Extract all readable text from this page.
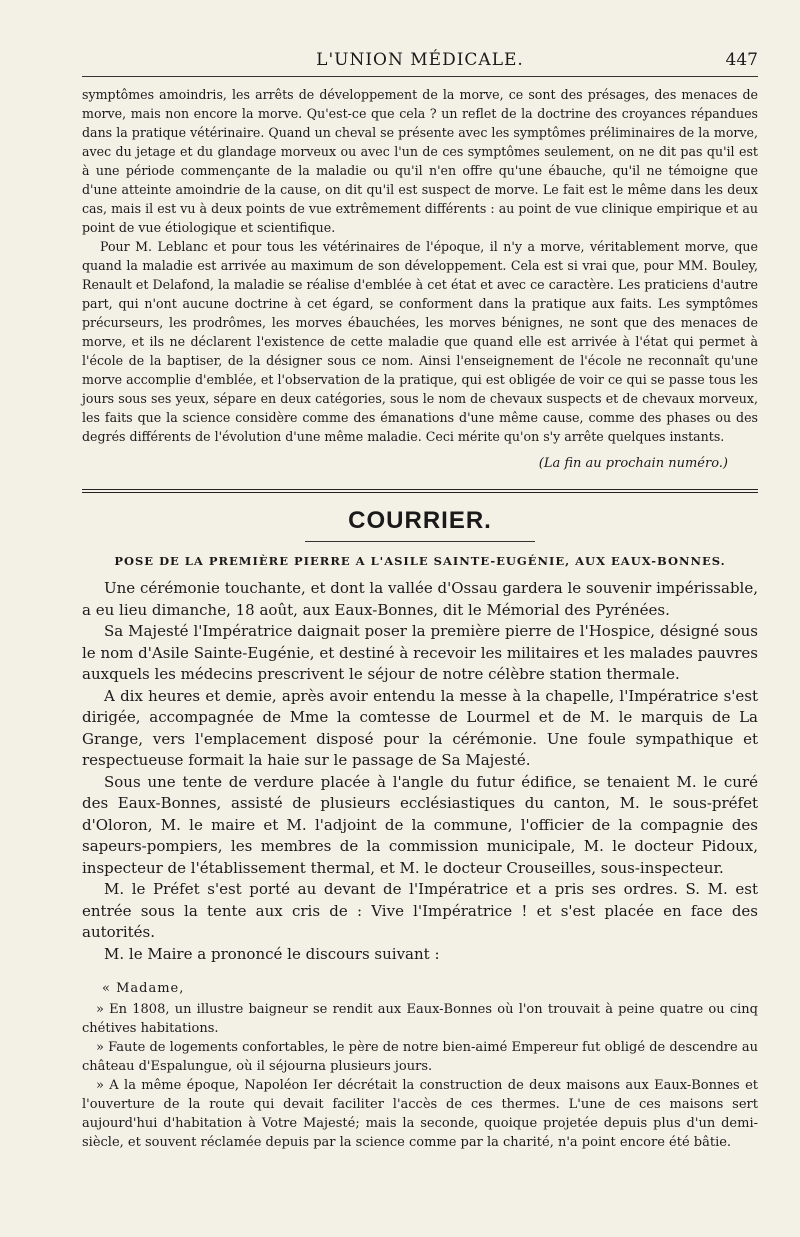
L'UNION MÉDICALE.	447

symptômes amoindris, les arrêts de développement de la morve, ce sont des présages, des menaces de morve, mais non encore la morve. Qu'est-ce que cela ? un reflet de la doctrine des croyances répandues dans la pratique vétérinaire. Quand un cheval se présente avec les symptômes préliminaires de la morve, avec du jetage et du glandage morveux ou avec l'un de ces symptômes seulement, on ne dit pas qu'il est à une période commençante de la maladie ou qu'il n'en offre qu'une ébauche, qu'il ne témoigne que d'une atteinte amoindrie de la cause, on dit qu'il est suspect de morve. Le fait est le même dans les deux cas, mais il est vu à deux points de vue extrêmement différents : au point de vue clinique empirique et au point de vue étiologique et scientifique.

Pour M. Leblanc et pour tous les vétérinaires de l'époque, il n'y a morve, véritablement morve, que quand la maladie est arrivée au maximum de son développement. Cela est si vrai que, pour MM. Bouley, Renault et Delafond, la maladie se réalise d'emblée à cet état et avec ce caractère. Les praticiens d'autre part, qui n'ont aucune doctrine à cet égard, se conforment dans la pratique aux faits. Les symptômes précurseurs, les prodrômes, les morves ébauchées, les morves bénignes, ne sont que des menaces de morve, et ils ne déclarent l'existence de cette maladie que quand elle est arrivée à l'état qui permet à l'école de la baptiser, de la désigner sous ce nom. Ainsi l'enseignement de l'école ne reconnaît qu'une morve accomplie d'emblée, et l'observation de la pratique, qui est obligée de voir ce qui se passe tous les jours sous ses yeux, sépare en deux catégories, sous le nom de chevaux suspects et de chevaux morveux, les faits que la science considère comme des émanations d'une même cause, comme des phases ou des degrés différents de l'évolution d'une même maladie. Ceci mérite qu'on s'y arrête quelques instants.

(La fin au prochain numéro.)
COURRIER.
POSE DE LA PREMIÈRE PIERRE A L'ASILE SAINTE-EUGÉNIE, AUX EAUX-BONNES.

Une cérémonie touchante, et dont la vallée d'Ossau gardera le souvenir impérissable, a eu lieu dimanche, 18 août, aux Eaux-Bonnes, dit le Mémorial des Pyrénées.

Sa Majesté l'Impératrice daignait poser la première pierre de l'Hospice, désigné sous le nom d'Asile Sainte-Eugénie, et destiné à recevoir les militaires et les malades pauvres auxquels les médecins prescrivent le séjour de notre célèbre station thermale.

A dix heures et demie, après avoir entendu la messe à la chapelle, l'Impératrice s'est dirigée, accompagnée de Mme la comtesse de Lourmel et de M. le marquis de La Grange, vers l'emplacement disposé pour la cérémonie. Une foule sympathique et respectueuse formait la haie sur le passage de Sa Majesté.

Sous une tente de verdure placée à l'angle du futur édifice, se tenaient M. le curé des Eaux-Bonnes, assisté de plusieurs ecclésiastiques du canton, M. le sous-préfet d'Oloron, M. le maire et M. l'adjoint de la commune, l'officier de la compagnie des sapeurs-pompiers, les membres de la commission municipale, M. le docteur Pidoux, inspecteur de l'établissement thermal, et M. le docteur Crouseilles, sous-inspecteur.

M. le Préfet s'est porté au devant de l'Impératrice et a pris ses ordres. S. M. est entrée sous la tente aux cris de : Vive l'Impératrice ! et s'est placée en face des autorités.

M. le Maire a prononcé le discours suivant :

« Madame,

» En 1808, un illustre baigneur se rendit aux Eaux-Bonnes où l'on trouvait à peine quatre ou cinq chétives habitations.

» Faute de logements confortables, le père de notre bien-aimé Empereur fut obligé de descendre au château d'Espalungue, où il séjourna plusieurs jours.

» A la même époque, Napoléon Ier décrétait la construction de deux maisons aux Eaux-Bonnes et l'ouverture de la route qui devait faciliter l'accès de ces thermes. L'une de ces maisons sert aujourd'hui d'habitation à Votre Majesté; mais la seconde, quoique projetée depuis plus d'un demi-siècle, et souvent réclamée depuis par la science comme par la charité, n'a point encore été bâtie.
